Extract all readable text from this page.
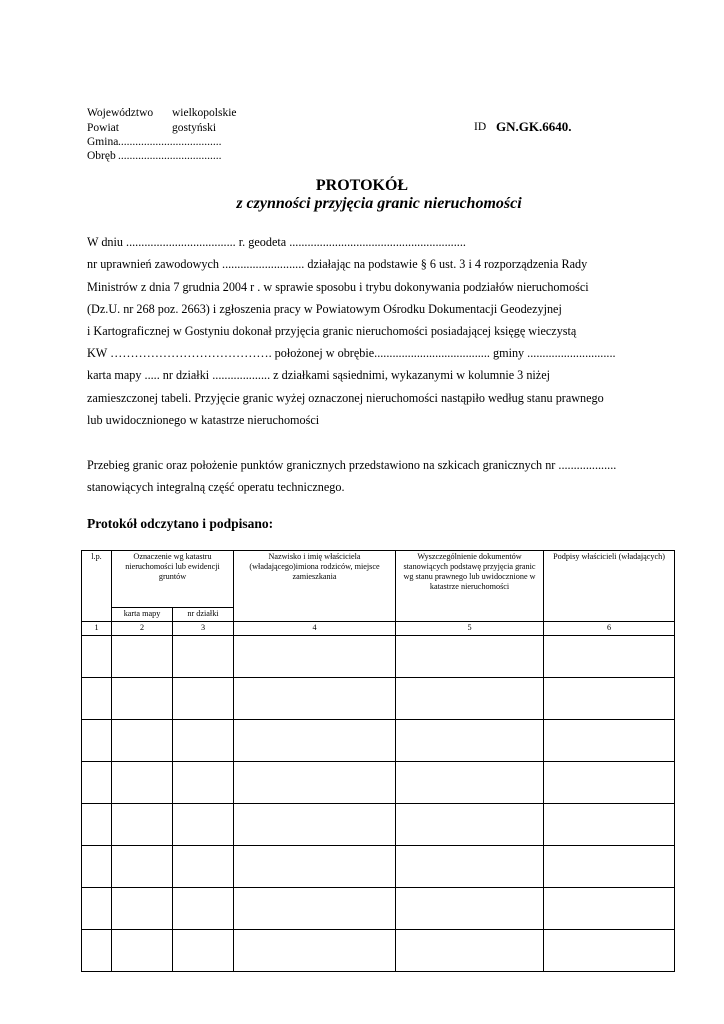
Województwo wielkopolskie
Powiat	gostyński
Gmina ....................................
Obręb ....................................
ID GN.GK.6640.
PROTOKÓŁ
z czynności przyjęcia granic nieruchomości
W dniu .................................... r. geodeta ..........................................................
nr uprawnień zawodowych ........................... działając na podstawie § 6 ust. 3 i 4 rozporządzenia Rady
Ministrów z dnia 7 grudnia 2004 r . w sprawie sposobu i trybu dokonywania podziałów nieruchomości
(Dz.U. nr 268 poz. 2663) i zgłoszenia pracy w Powiatowym Ośrodku Dokumentacji Geodezyjnej
i Kartograficznej w Gostyniu dokonał przyjęcia granic nieruchomości posiadającej księgę wieczystą
KW …………………………………. położonej w obrębie...................................... gminy .............................
karta mapy ..... nr działki ................... z działkami sąsiednimi, wykazanymi w kolumnie 3 niżej
zamieszczonej tabeli. Przyjęcie granic wyżej oznaczonej nieruchomości nastąpiło według stanu prawnego
lub uwidocznionego w katastrze nieruchomości
Przebieg granic oraz położenie punktów granicznych przedstawiono na szkicach granicznych nr ...................
stanowiących integralną część operatu technicznego.
Protokół odczytano i podpisano:
l.p.	Oznaczenie wg katastru nieruchomości lub ewidencji gruntów		Nazwisko i imię właściciela (władającego)imiona rodziców, miejsce zamieszkania	Wyszczególnienie dokumentów stanowiących podstawę przyjęcia granic wg stanu prawnego lub uwidocznione w katastrze nieruchomości	Podpisy właścicieli (władających)
	karta mapy	nr działki			
1	2	3	4	5	6
